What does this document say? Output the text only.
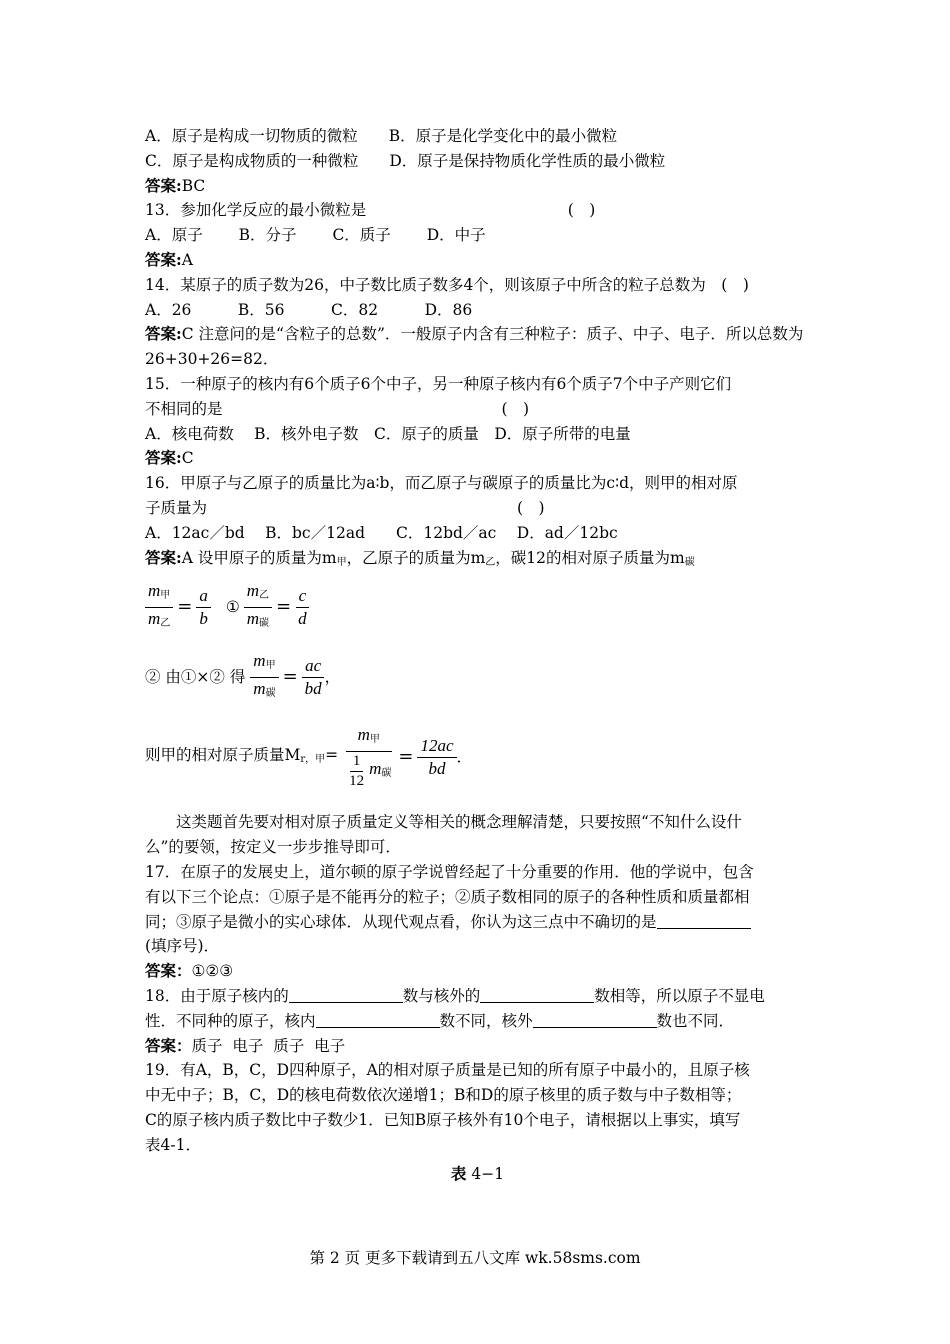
A．原子是构成一切物质的微粒　　B．原子是化学变化中的最小微粒
C．原子是构成物质的一种微粒　　D．原子是保持物质化学性质的最小微粒
答案:BC
13．参加化学反应的最小微粒是　　　　　　　　　　　　　(　)
A．原子　　 B．分子　　 C．质子　　 D．中子
答案:A
14．某原子的质子数为26，中子数比质子数多4个，则该原子中所含的粒子总数为　(　)
A．26　　　B．56　　　C．82　　　D．86
答案:C 注意问的是“含粒子的总数”．一般原子内含有三种粒子：质子、中子、电子．所以总数为26+30+26=82．
15．一种原子的核内有6个质子6个中子，另一种原子核内有6个质子7个中子产则它们
不相同的是　　　　　　　　　　　　　　　　　　(　)
A．核电荷数　 B．核外电子数　C．原子的质量　D．原子所带的电量
答案:C
16．甲原子与乙原子的质量比为a∶b，而乙原子与碳原子的质量比为c∶d，则甲的相对原
子质量为　　　　　　　　　　　　　　　　　　　　(　)
A．12ac／bd　 B．bc／12ad　　C．12bd／ac　 D．ad／12bc
答案:A 设甲原子的质量为$m_甲$，乙原子的质量为$m_乙$，碳12的相对原子质量为$m_碳$
$\frac{m_甲}{m_乙} = \frac{a}{b}$ ① $\frac{m_乙}{m_碳} = \frac{c}{d}$
② 由①×② 得 $\frac{m_甲}{m_碳} = \frac{ac}{bd}$ ，
则甲的相对原子质量$M_{r,甲}= \frac{m_甲}{\frac{1}{12} m_碳} = \frac{12ac}{bd}$ ．
这类题首先要对相对原子质量定义等相关的概念理解清楚，只要按照“不知什么设什
么”的要领，按定义一步步推导即可．
17．在原子的发展史上，道尔顿的原子学说曾经起了十分重要的作用．他的学说中，包含
有以下三个论点：①原子是不能再分的粒子；②质子数相同的原子的各种性质和质量都相
同；③原子是微小的实心球体．从现代观点看，你认为这三点中不确切的是
(填序号)．
答案：①②③
18．由于原子核内的	数与核外的	数相等，所以原子不显电
性．不同种的原子，核内	数不同，核外	数也不同．
答案：质子  电子  质子  电子
19．有A，B，C，D四种原子，A的相对原子质量是已知的所有原子中最小的，且原子核
中无中子；B，C，D的核电荷数依次递增1；B和D的原子核里的质子数与中子数相等；
C的原子核内质子数比中子数少1．已知B原子核外有10个电子，请根据以上事实，填写
表4-1．
表 4−1
第 2 页 更多下载请到五八文库 wk.58sms.com
